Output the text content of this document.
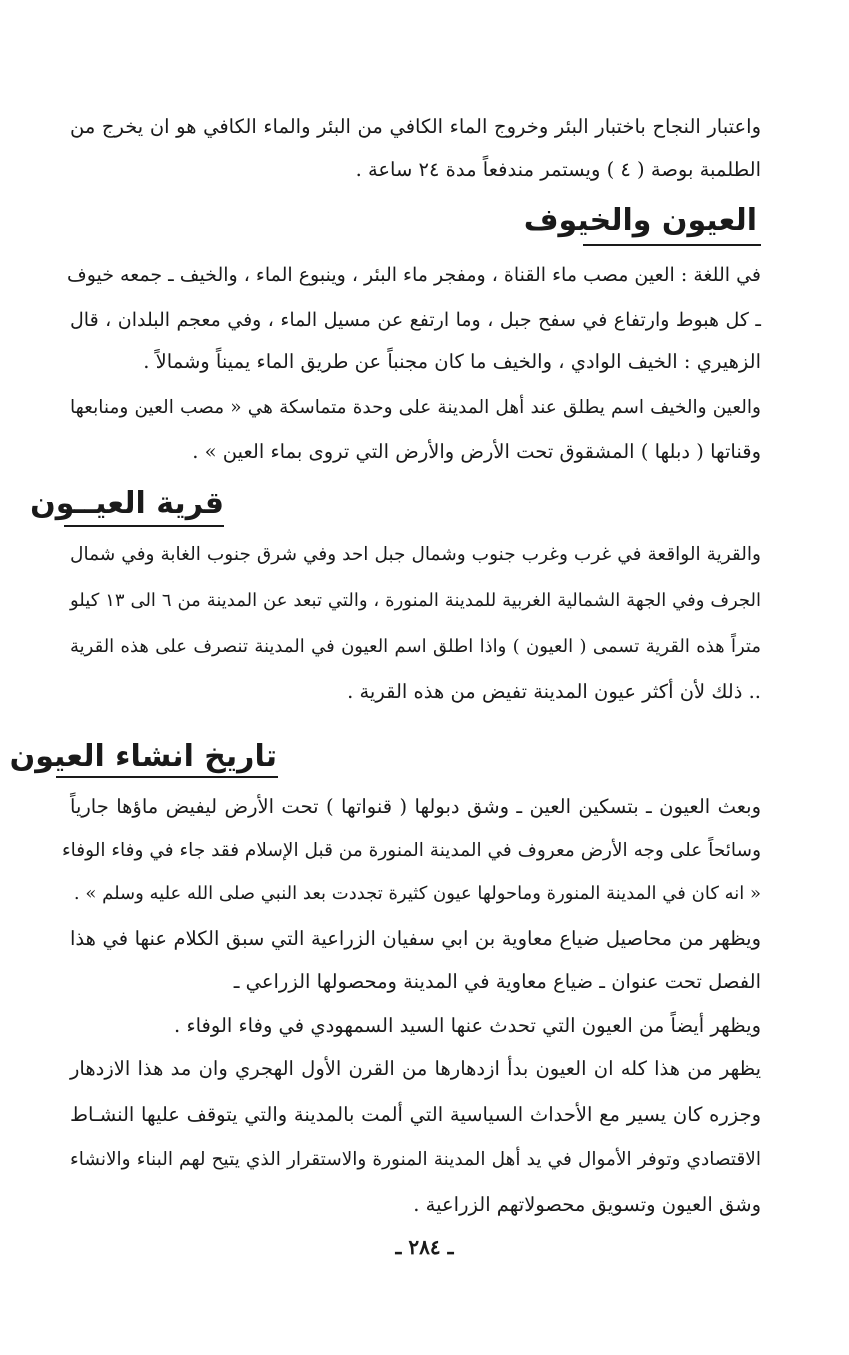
واعتبار النجاح باختبار البئر وخروج الماء الكافي من البئر والماء الكافي هو ان يخرج من
الطلمبة بوصة ( ٤ ) ويستمر مندفعاً مدة ٢٤ ساعة .
العيون والخيوف
في اللغة : العين مصب ماء القناة ، ومفجر ماء البئر ، وينبوع الماء ، والخيف ـ جمعه خيوف
ـ كل هبوط وارتفاع في سفح جبل ، وما ارتفع عن مسيل الماء ، وفي معجم البلدان ، قال
الزهيري : الخيف الوادي ، والخيف ما كان مجنباً عن طريق الماء يميناً وشمالاً .
والعين والخيف اسم يطلق عند أهل المدينة على وحدة متماسكة هي « مصب العين ومنابعها
وقناتها ( دبلها ) المشقوق تحت الأرض والأرض التي تروى بماء العين » .
قرية العيــون
والقرية الواقعة في غرب وغرب جنوب وشمال جبل احد وفي شرق جنوب الغابة وفي شمال
الجرف وفي الجهة الشمالية الغربية للمدينة المنورة ، والتي تبعد عن المدينة من ٦ الى ١٣ كيلو
متراً هذه القرية تسمى ( العيون ) واذا اطلق اسم العيون في المدينة تنصرف على هذه القرية
.. ذلك لأن أكثر عيون المدينة تفيض من هذه القرية .
تاريخ انشاء العيون
وبعث العيون ـ بتسكين العين ـ وشق دبولها ( قنواتها ) تحت الأرض ليفيض ماؤها جارياً
وسائحاً على وجه الأرض معروف في المدينة المنورة من قبل الإسلام فقد جاء في وفاء الوفاء
« انه كان في المدينة المنورة وماحولها عيون كثيرة تجددت بعد النبي صلى الله عليه وسلم » .
ويظهر من محاصيل ضياع معاوية بن ابي سفيان الزراعية التي سبق الكلام عنها في هذا
الفصل تحت عنوان ـ ضياع معاوية في المدينة ومحصولها الزراعي ـ
ويظهر أيضاً من العيون التي تحدث عنها السيد السمهودي في وفاء الوفاء .
يظهر من هذا كله ان العيون بدأ ازدهارها من القرن الأول الهجري وان مد هذا الازدهار
وجزره كان يسير مع الأحداث السياسية التي ألمت بالمدينة والتي يتوقف عليها النشـاط
الاقتصادي وتوفر الأموال في يد أهل المدينة المنورة والاستقرار الذي يتيح لهم البناء والانشاء
وشق العيون وتسويق محصولاتهم الزراعية .
ـ ٢٨٤ ـ
